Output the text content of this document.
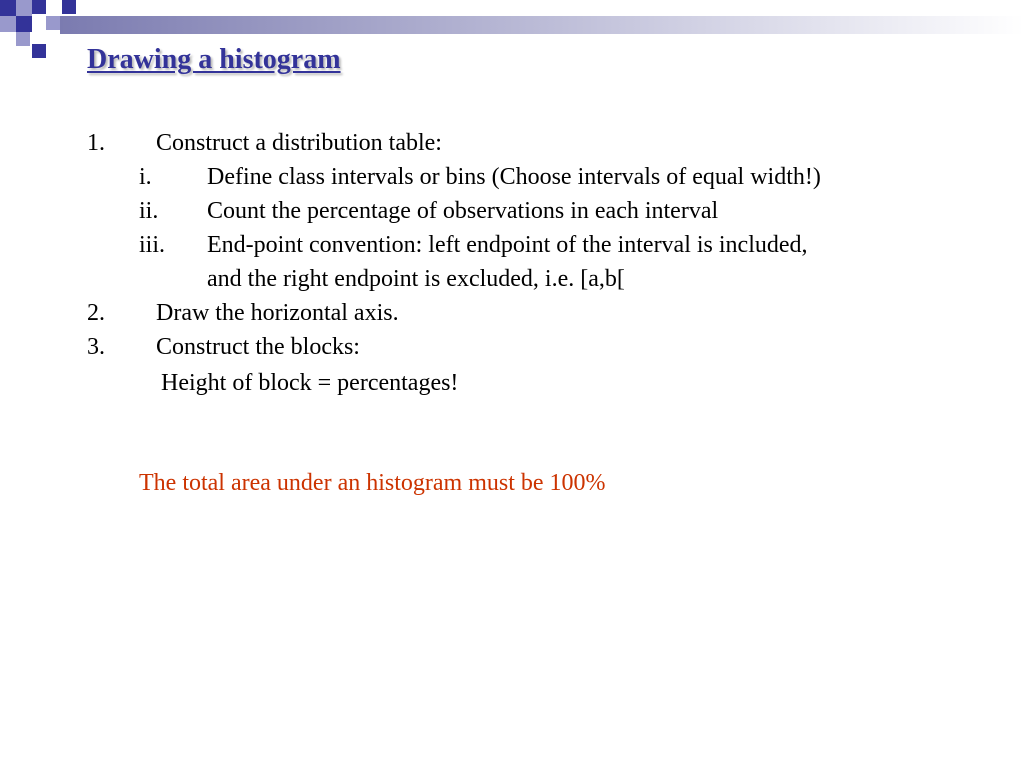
Drawing a histogram
1. Construct a distribution table:
i. Define class intervals or bins (Choose intervals of equal width!)
ii. Count the percentage of observations in each interval
iii. End-point convention: left endpoint of the interval is included,
and the right endpoint is excluded, i.e. [a,b[
2. Draw the horizontal axis.
3. Construct the blocks:
Height of block = percentages!
The total area under an histogram must be 100%
